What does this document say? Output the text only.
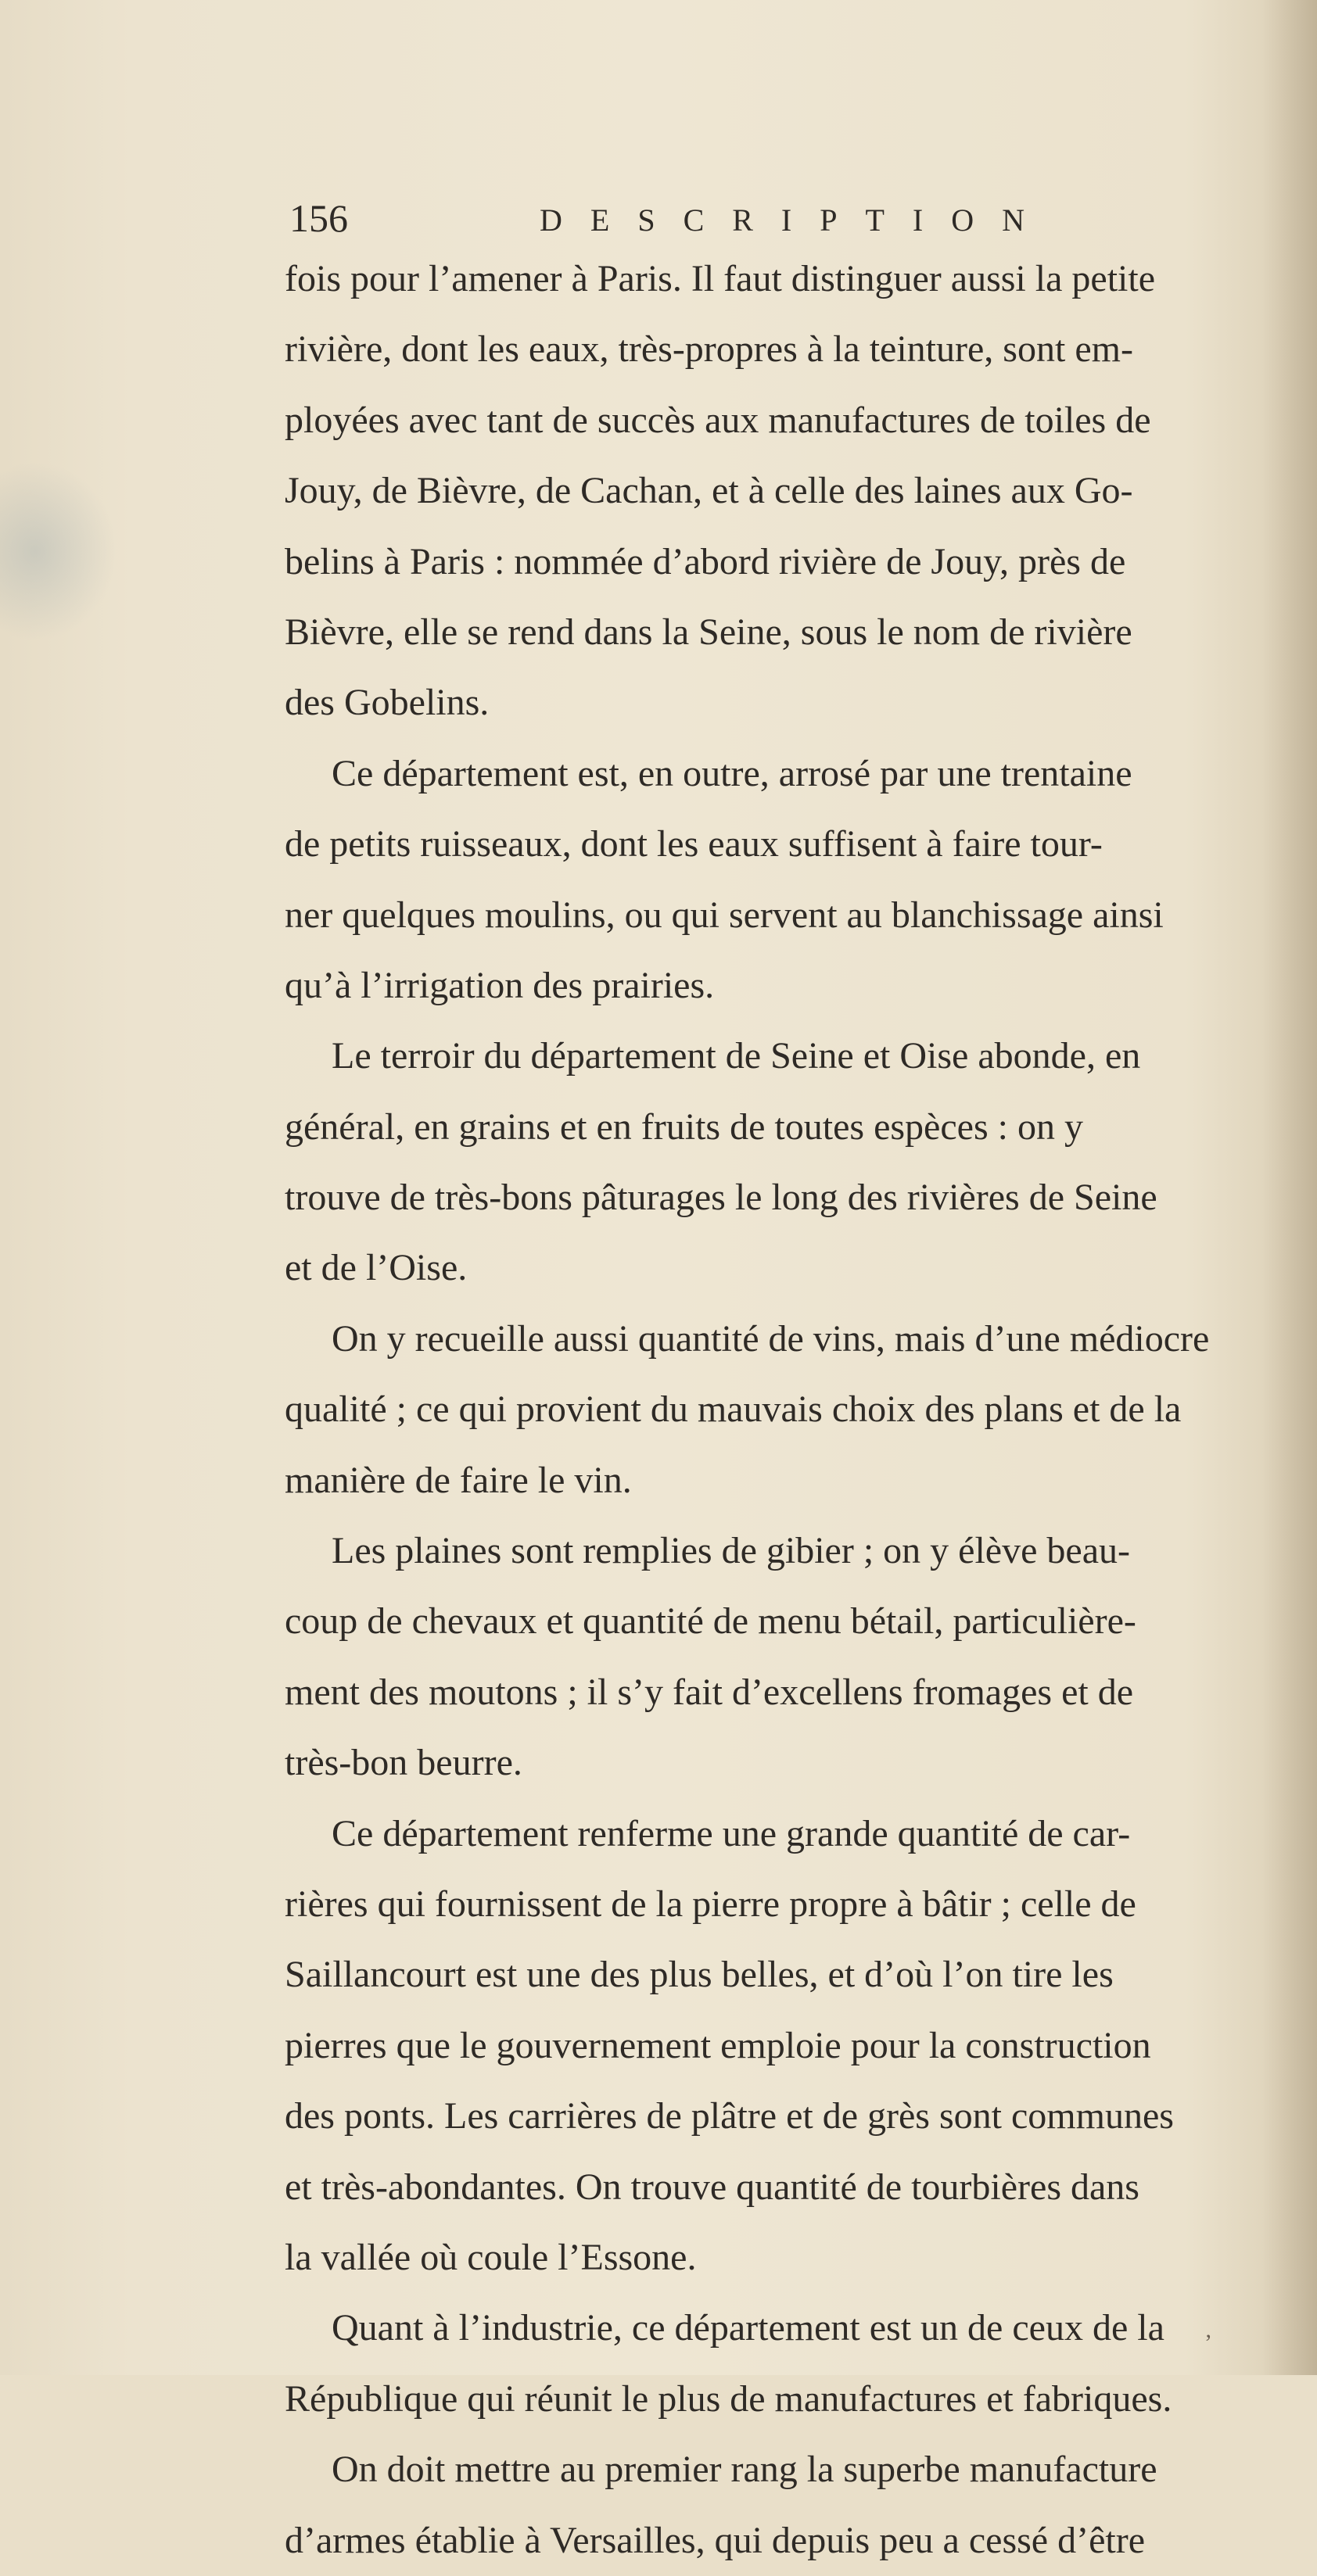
156	DESCRIPTION
fois pour l’amener à Paris. Il faut distinguer aussi la petite
rivière, dont les eaux, très-propres à la teinture, sont em-
ployées avec tant de succès aux manufactures de toiles de
Jouy, de Bièvre, de Cachan, et à celle des laines aux Go-
belins à Paris : nommée d’abord rivière de Jouy, près de
Bièvre, elle se rend dans la Seine, sous le nom de rivière
des Gobelins.
Ce département est, en outre, arrosé par une trentaine
de petits ruisseaux, dont les eaux suffisent à faire tour-
ner quelques moulins, ou qui servent au blanchissage ainsi
qu’à l’irrigation des prairies.
Le terroir du département de Seine et Oise abonde, en
général, en grains et en fruits de toutes espèces : on y
trouve de très-bons pâturages le long des rivières de Seine
et de l’Oise.
On y recueille aussi quantité de vins, mais d’une médiocre
qualité ; ce qui provient du mauvais choix des plans et de la
manière de faire le vin.
Les plaines sont remplies de gibier ; on y élève beau-
coup de chevaux et quantité de menu bétail, particulière-
ment des moutons ; il s’y fait d’excellens fromages et de
très-bon beurre.
Ce département renferme une grande quantité de car-
rières qui fournissent de la pierre propre à bâtir ; celle de
Saillancourt est une des plus belles, et d’où l’on tire les
pierres que le gouvernement emploie pour la construction
des ponts. Les carrières de plâtre et de grès sont communes
et très-abondantes. On trouve quantité de tourbières dans
la vallée où coule l’Essone.
Quant à l’industrie, ce département est un de ceux de la
République qui réunit le plus de manufactures et fabriques.
On doit mettre au premier rang la superbe manufacture
d’armes établie à Versailles, qui depuis peu a cessé d’être
’
